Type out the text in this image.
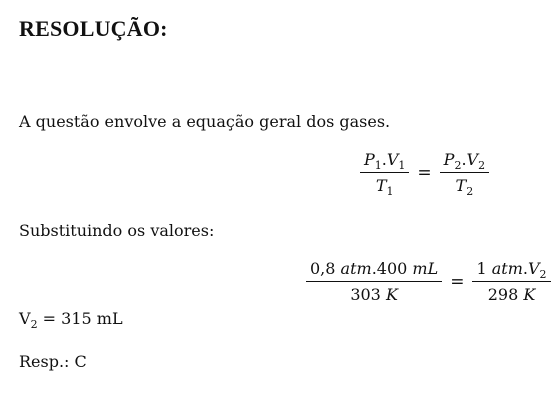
RESOLUÇÃO:
A questão envolve a equação geral dos gases.
$\frac{P_1.V_1}{T_1} = \frac{P_2.V_2}{T_2}$
Substituindo os valores:
$\frac{\text{0,8 atm.400 mL}}{303 K} = \frac{1 atm.V_2}{298 K}$
$V_2 = 315$ mL
Resp.: C
